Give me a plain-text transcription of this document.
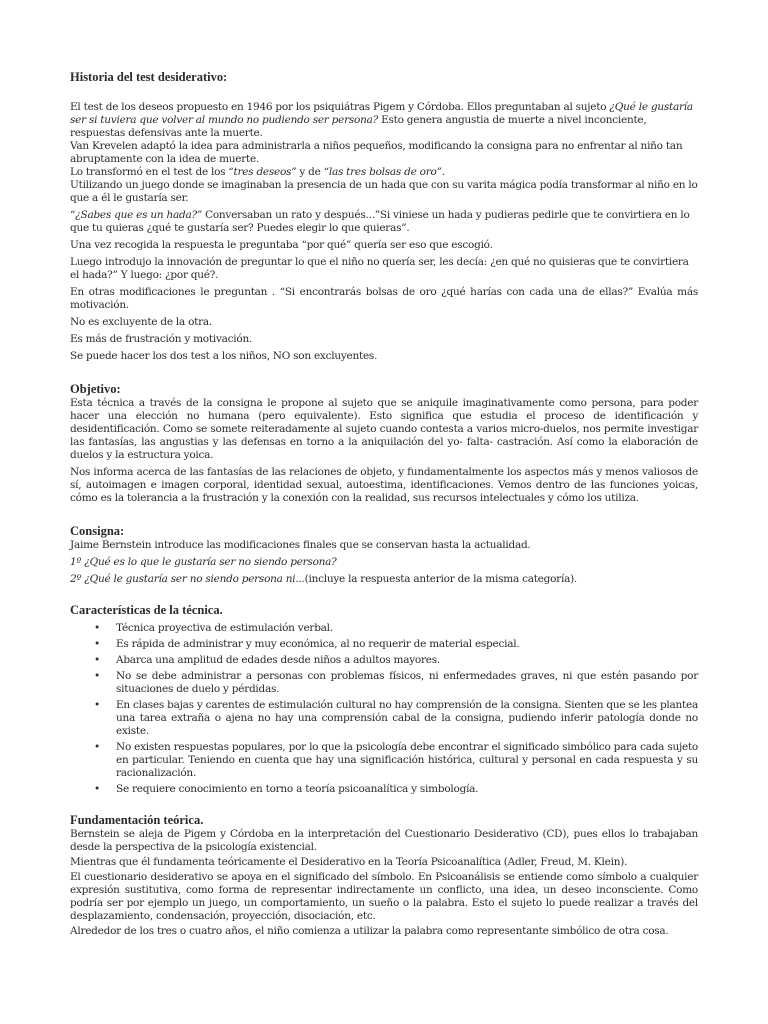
Historia del test desiderativo:

El test de los deseos propuesto en 1946 por los psiquiátras Pigem y Córdoba. Ellos preguntaban al sujeto ¿Qué le gustaría ser si tuviera que volver al mundo no pudiendo ser persona? Esto genera angustia de muerte a nivel inconciente, respuestas defensivas ante la muerte.

Van Krevelen adaptó la idea para administrarla a niños pequeños, modificando la consigna para no enfrentar al niño tan abruptamente con la idea de muerte.

Lo transformó en el test de los “tres deseos” y de “las tres bolsas de oro”.

Utilizando un juego donde se imaginaban la presencia de un hada que con su varita mágica podía transformar al niño en lo que a él le gustaría ser.

“¿Sabes que es un hada?” Conversaban un rato y después...”Si viniese un hada y pudieras pedirle que te convirtiera en lo que tu quieras ¿qué te gustaría ser? Puedes elegir lo que quieras”.

Una vez recogida la respuesta le preguntaba “por qué” quería ser eso que escogió.

Luego introdujo la innovación de preguntar lo que el niño no quería ser, les decía: ¿en qué no quisieras que te convirtiera el hada?” Y luego: ¿por qué?.

En otras modificaciones le preguntan . “Si encontrarás bolsas de oro ¿qué harías con cada una de ellas?” Evalúa más motivación.

No es excluyente de la otra.

Es más de frustración y motivación.

Se puede hacer los dos test a los niños, NO son excluyentes.

Objetivo:

Esta técnica a través de la consigna le propone al sujeto que se aniquile imaginativamente como persona, para poder hacer una elección no humana (pero equivalente). Esto significa que estudia el proceso de identificación y desidentificación. Como se somete reiteradamente al sujeto cuando contesta a varios micro-duelos, nos permite investigar las fantasías, las angustias y las defensas en torno a la aniquilación del yo- falta- castración. Así como la elaboración de duelos y la estructura yoica.

Nos informa acerca de las fantasías de las relaciones de objeto, y fundamentalmente los aspectos más y menos valiosos de sí, autoimagen e imagen corporal, identidad sexual, autoestima, identificaciones. Vemos dentro de las funciones yoicas, cómo es la tolerancia a la frustración y la conexión con la realidad, sus recursos intelectuales y cómo los utiliza.

Consigna:

Jaime Bernstein introduce las modificaciones finales que se conservan hasta la actualidad.

1º ¿Qué es lo que le gustaría ser no siendo persona?

2º ¿Qué le gustaría ser no siendo persona ni...(incluye la respuesta anterior de la misma categoría).

Características de la técnica.
• Técnica proyectiva de estimulación verbal.
• Es rápida de administrar y muy económica, al no requerir de material especial.
• Abarca una amplitud de edades desde niños a adultos mayores.
• No se debe administrar a personas con problemas físicos, ni enfermedades graves, ni que estén pasando por situaciones de duelo y pérdidas.
• En clases bajas y carentes de estimulación cultural no hay comprensión de la consigna. Sienten que se les plantea una tarea extraña o ajena no hay una comprensión cabal de la consigna, pudiendo inferir patología donde no existe.
• No existen respuestas populares, por lo que la psicología debe encontrar el significado simbólico para cada sujeto en particular. Teniendo en cuenta que hay una significación histórica, cultural y personal en cada respuesta y su racionalización.
• Se requiere conocimiento en torno a teoría psicoanalítica y simbología.
Fundamentación teórica.

Bernstein se aleja de Pigem y Córdoba en la interpretación del Cuestionario Desiderativo (CD), pues ellos lo trabajaban desde la perspectiva de la psicología existencial.

Mientras que él fundamenta teóricamente el Desiderativo en la Teoría Psicoanalítica (Adler, Freud, M. Klein).

El cuestionario desiderativo se apoya en el significado del símbolo. En Psicoanálisis se entiende como símbolo a cualquier expresión sustitutiva, como forma de representar indirectamente un conflicto, una idea, un deseo inconsciente. Como podría ser por ejemplo un juego, un comportamiento, un sueño o la palabra. Esto el sujeto lo puede realizar a través del desplazamiento, condensación, proyección, disociación, etc.

Alrededor de los tres o cuatro años, el niño comienza a utilizar la palabra como representante simbólico de otra cosa.
